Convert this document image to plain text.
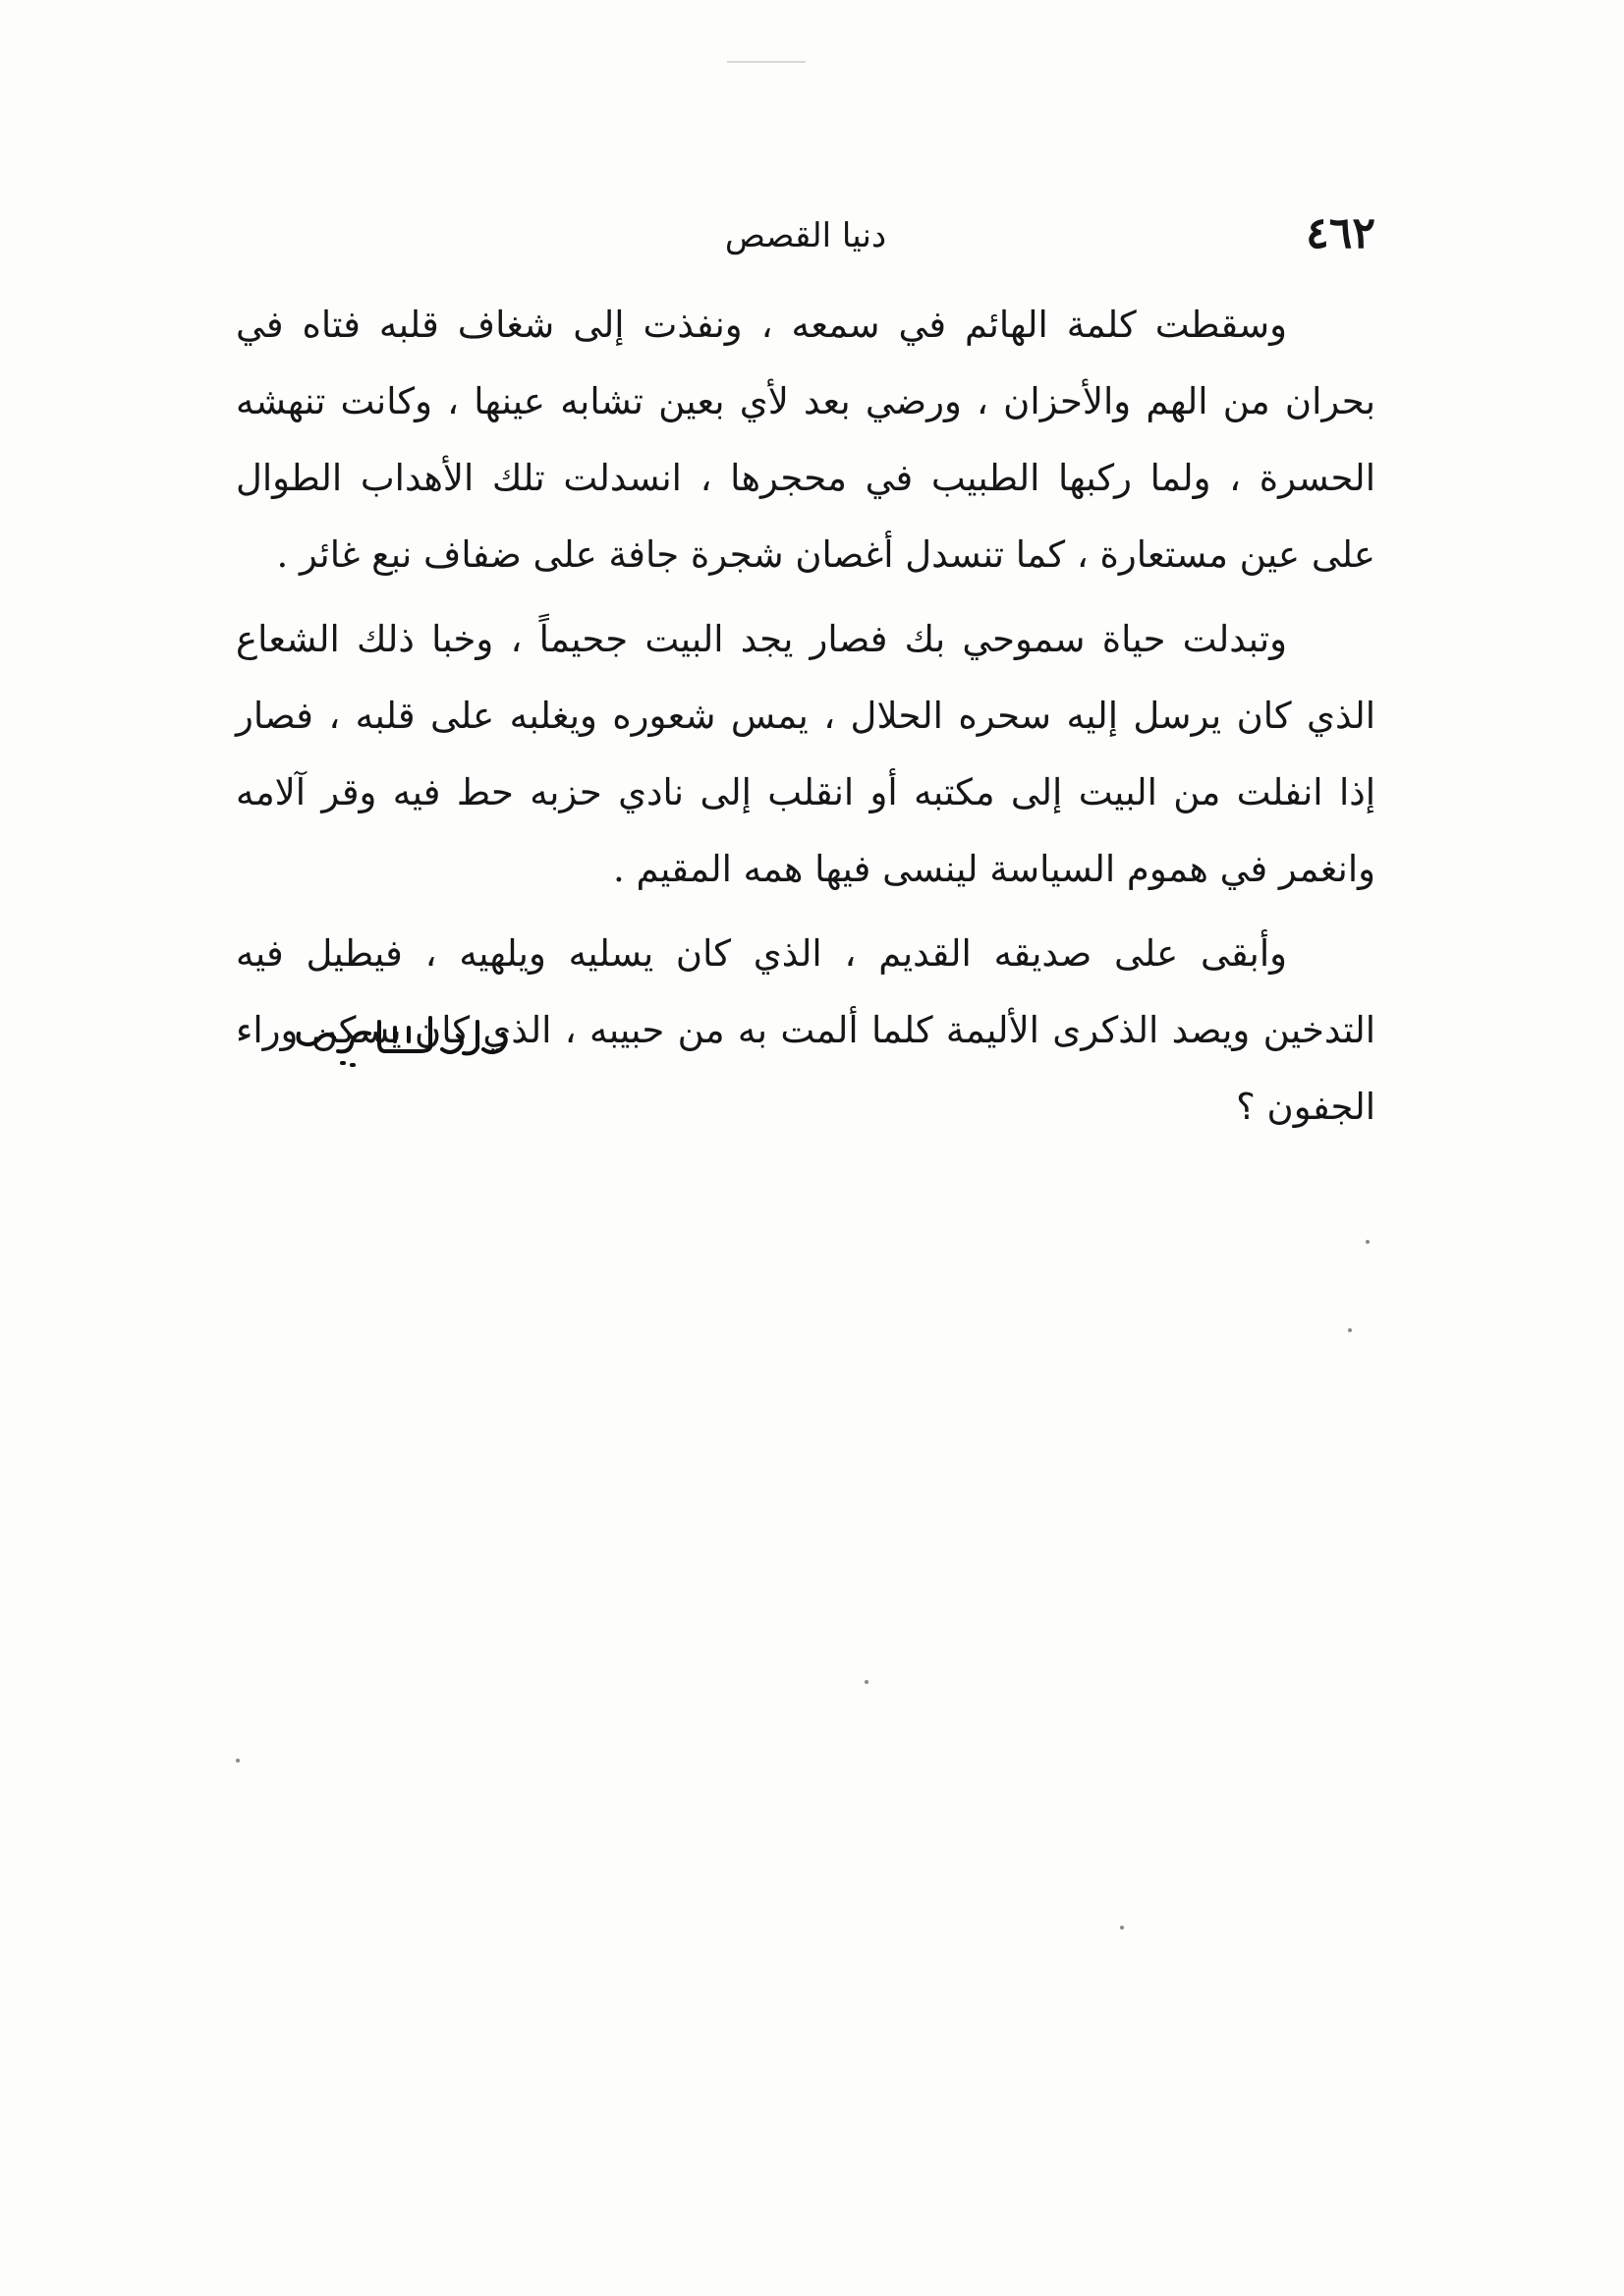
٤٦٢
دنيا القصص

وسقطت كلمة الهائم في سمعه ، ونفذت إلى شغاف قلبه فتاه في بحران من الهم والأحزان ، ورضي بعد لأي بعين تشابه عينها ، وكانت تنهشه الحسرة ، ولما ركبها الطبيب في محجرها ، انسدلت تلك الأهداب الطوال على عين مستعارة ، كما تنسدل أغصان شجرة جافة على ضفاف نبع غائر .

وتبدلت حياة سموحي بك فصار يجد البيت جحيماً ، وخبا ذلك الشعاع الذي كان يرسل إليه سحره الحلال ، يمس شعوره ويغلبه على قلبه ، فصار إذا انفلت من البيت إلى مكتبه أو انقلب إلى نادي حزبه حط فيه وقر آلامه وانغمر في هموم السياسة لينسى فيها همه المقيم .

وأبقى على صديقه القديم ، الذي كان يسليه ويلهيه ، فيطيل فيه التدخين ويصد الذكرى الأليمة كلما ألمت به من حبيبه ، الذي كان يسكن وراء الجفون ؟
